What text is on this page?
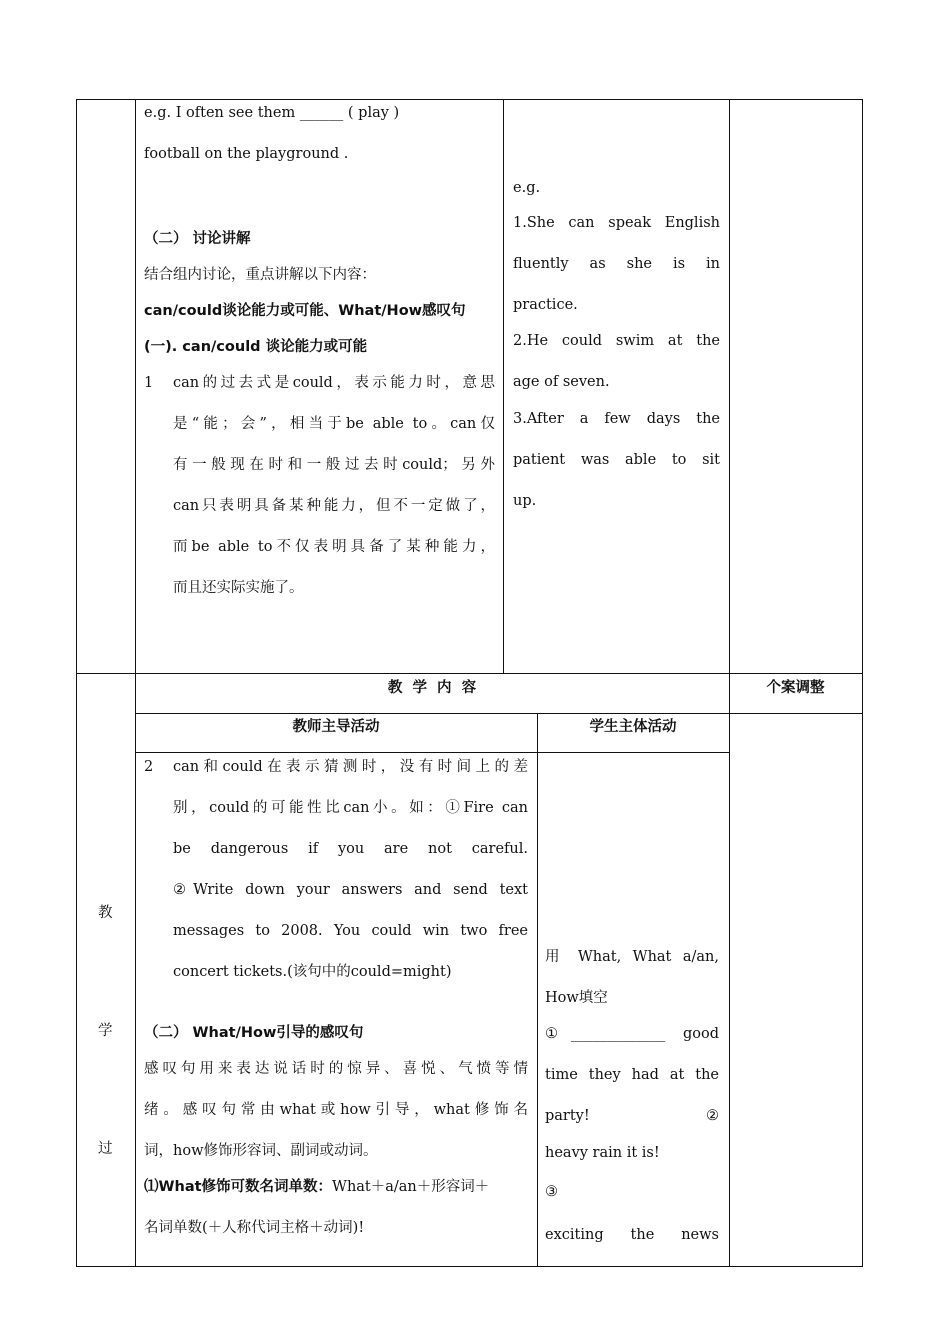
e.g. I often see them ______ ( play )
football on the playground .
（二） 讨论讲解
结合组内讨论，重点讲解以下内容：
can/could谈论能力或可能、What/How感叹句
(一). can/could 谈论能力或可能
1 can的过去式是could，表示能力时，意思
是“能；会”，相当于be able to。can仅
有一般现在时和一般过去时could；另外
can只表明具备某种能力，但不一定做了，
而be able to不仅表明具备了某种能力，
而且还实际实施了。
e.g.
1.She can speak English
fluently as she is in
practice.
2.He could swim at the
age of seven.
3.After a few days the
patient was able to sit
up.
教
学
过
教  学  内  容	个案调整
教师主导活动	学生主体活动
2 can和could在表示猜测时，没有时间上的差
别，could的可能性比can小。如：①Fire can
be dangerous if you are not careful.
②Write down your answers and send text
messages to 2008. You could win two free
concert tickets.(该句中的could=might)
（二） What/How引导的感叹句
感叹句用来表达说话时的惊异、喜悦、气愤等情
绪。感叹句常由what或how引导，what修饰名
词，how修饰形容词、副词或动词。
⑴What修饰可数名词单数：What＋a/an＋形容词＋
名词单数(＋人称代词主格＋动词)!
用 What, What a/an,
How填空
①_____________ good
time they had at the
party!               ②
heavy rain it is!
③
exciting the news
